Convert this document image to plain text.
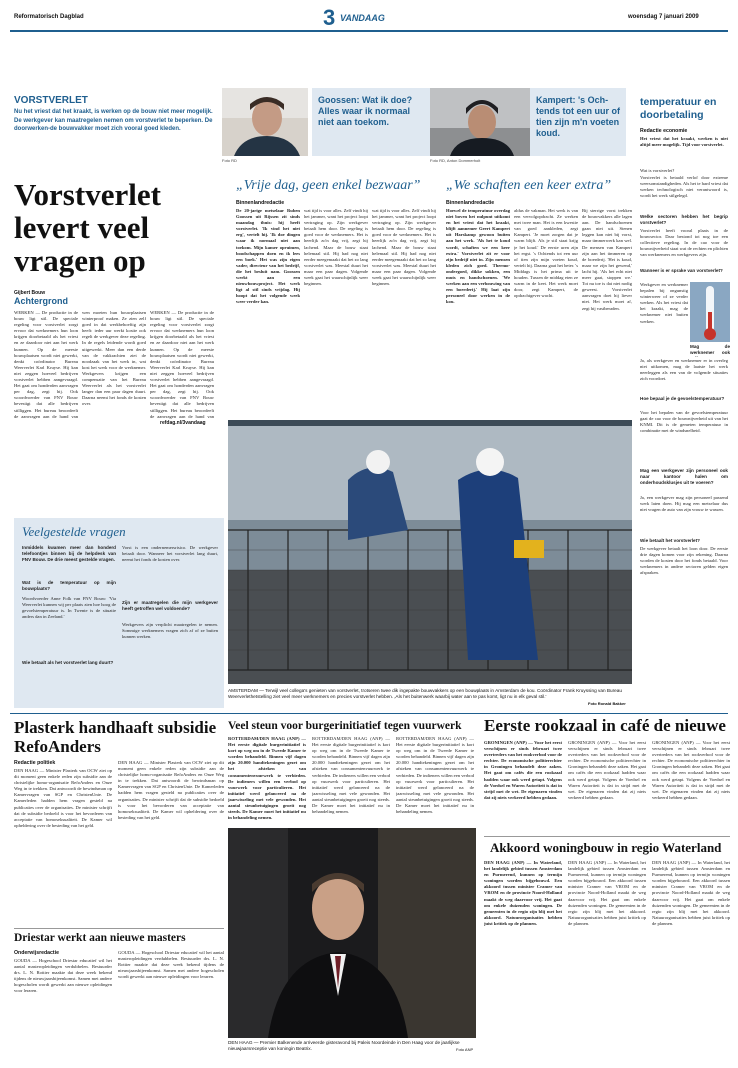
Reformatorisch Dagblad	3 VANDAAG	woensdag 7 januari 2009
VORSTVERLET
Nu het vriest dat het kraakt, is werken op de bouw niet meer mogelijk. De werkgever kan maatregelen nemen om vorstverlet te beperken. De doorwerken-de bouwvakker moet zich vooral goed kleden.
Goossen: Wat ik doe? Alles waar ik normaal niet aan toekom.
Kampert: 's Och-tends tot een uur of tien zijn m'n voeten koud.
Foto RD	Foto RD, Anton Dommerholt
Vorstverlet levert veel vragen op
Gijbert Bouw
Achtergrond
WERKEN — De productie in de bouw ligt stil. De speciale regeling voor vorstverlet zorgt ervoor dat werknemers hun loon krijgen doorbetaald als het vriest en ze daardoor niet aan het werk kunnen. Op de meeste bouwplaatsen wordt niet gewerkt, denkt coördinator Bureau Weerverlet Karl Kruyse. Hij kan niet zeggen hoeveel bedrijven vorstverlet hebben aangevraagd. Het gaat om honderden aanvragen per dag, zegt hij. Ook woordvoerder van FNV Bouw bevestigt dat alle bedrijven stilliggen. Het bureau beoordeelt de aanvragen aan de hand van
wen moeten hun bouwplaatsen winterproof maken. Ze zien zelf goed in dat werkbehoeftig zijn heeft: ieder uur werkt kostte ook regelt de werkgever deze regeling. In de regels leidende wordt goed uitgewerkt. Meer dan een derde van de vakkrachten ziet de noodzaak van het werk in, wat kost het werk voor de werknemer. Werkgevers krijgen een compensatie van het Bureau Weerverlet als het vorstverlet langer dan een paar dagen duurt. Daarna neemt het fonds de kosten over.
WERKEN — De productie in de bouw ligt stil. De speciale regeling voor vorstverlet zorgt ervoor dat werknemers hun loon krijgen doorbetaald als het vriest en ze daardoor niet aan het werk kunnen. Op de meeste bouwplaatsen wordt niet gewerkt, denkt coördinator Bureau Weerverlet Karl Kruyse. Hij kan niet zeggen hoeveel bedrijven vorstverlet hebben aangevraagd. Het gaat om honderden aanvragen per dag, zegt hij. Ook woordvoerder van FNV Bouw bevestigt dat alle bedrijven stilliggen. Het bureau beoordeelt de aanvragen aan de hand van
„Vrije dag, geen enkel bezwaar” „We schaften een keer extra”
Binnenlandredactie	Binnenlandredactie
De 20-jarige metselaar Ruben Goossen uit Rijssen zit sinds maandag thuis: hij heeft vorstverlet. 'Ik vind het niet erg', vertelt hij. 'Ik doe dingen waar ik normaal niet aan toekom. Mijn kamer opruimen, boodschappen doen en ik lees een boek.' Het was zijn eigen vader, directeur van het bedrijf, die het besluit nam. Goossen werkt aan een nieuwbouwproject. Het werk ligt al stil sinds vrijdag. Hij hoopt dat het volgende week weer verder kan.
wat tijd is voor alles. Zelf vindt hij het jammer, want het project loopt vertraging op. Zijn werkgever betaalt hem door. De regeling is goed voor de werknemers. Het is heerlijk zo'n dag vrij, zegt hij lachend. Maar de bouw staat helemaal stil. Hij had nog niet eerder meegemaakt dat het zo lang vorstverlet was. Meestal duurt het maar een paar dagen. Volgende week gaat het waarschijnlijk weer beginnen.
wat tijd is voor alles. Zelf vindt hij het jammer, want het project loopt vertraging op. Zijn werkgever betaalt hem door. De regeling is goed voor de werknemers. Het is heerlijk zo'n dag vrij, zegt hij lachend. Maar de bouw staat helemaal stil. Hij had nog niet eerder meegemaakt dat het zo lang vorstverlet was. Meestal duurt het maar een paar dagen. Volgende week gaat het waarschijnlijk weer beginnen.
Hoewel de temperatuur overdag niet boven het nulpunt uitkomt en het vriest dat het kraakt, blijft aannemer Geert Kampert uit Harskamp gewoon buiten aan het werk. 'Als het te koud wordt, schaften we een keer extra.' Vorstverlet zit er voor zijn bedrijf niet in. Zijn mensen kleden zich goed. Thermo-ondergoed, dikke sokken, een muts en handschoenen. 'We werken aan een verbouwing van een boerderij.' Hij laat zijn personeel door werken in de kou.
aldus de vakman. Het werk is van een vervolgopdracht. Ze werken met twee man. Het is een kwestie van goed aankleden, zegt Kampert. 'Je moet zorgen dat je warm blijft. Als je stil staat krijg je het koud.' De eerste uren zijn het ergst. 's Ochtends tot een uur of tien zijn mijn voeten koud, vertelt hij. Daarna gaat het beter. 's Middags is het prima uit te houden. Tussen de middag eten ze warm in de keet. Het werk moet door, zegt Kampert, de opdrachtgever wacht.
Bij sterrige vorst trekken de bouwvakkers alle lagen aan. De handschoenen gaan niet uit. Stenen leggen kan niet bij vorst, maar timmerwerk kan wel. De mensen van Kampert zijn aan het timmeren op de boerderij. 'Het is koud, maar we zijn het gewend,' lacht hij. 'Als het echt niet meer gaat, stoppen we.' Tot nu toe is dat niet nodig geweest. Vorstverlet aanvragen doet hij liever niet. Het werk moet af, zegt hij vastberaden.
Veelgestelde vragen
Inmiddels kwamen meer dan honderd telefoontjes binnen bij de helpdesk van FNV Bouw. De drie meest gestelde vragen.
Wat is de temperatuur op mijn bouwplaats?
Woordvoerder Anne Folk van FNV Bouw: 'Via Weerverlet kunnen wij per plaats zien hoe hoog de gevoelstemperatuur is. In Twente is de situatie anders dan in Zeeland.'
Wie betaalt als het vorstverlet lang duurt?
Vorst is een ondernemersrisico. De werkgever betaalt door. Wanneer het vorstverlet lang duurt, neemt het fonds de kosten over.
Zijn er maatregelen die mijn werkgever heeft getroffen wel voldoende?
Werkgevers zijn verplicht maatregelen te nemen. Sommige werknemers vragen zich af of ze buiten kunnen werken.
AMSTERDAM — Terwijl veel collega's genieten van vorstverlet, trotseren twee dik ingepakte bouwvakkers op een bouwplaats in Amsterdam de kou. Coördinator Frank Kruyssing van Bureau Weerverlethetstelling ziet veel meer werknemers en precies vorstverlet hebben. ‚Als het buitenwerk waarbij water aan te pas komt, ligt nu in elk geval stil.'
Foto Ronald Bakker
temperatuur en doorbetaling
Redactie economie
Het vriest dat het kraakt, werken is niet altijd meer mogelijk. Tijd voor vorstverlet.
Wat is vorstverlet?
Vorstverlet is betaald verlof door extreme weersomstandigheden. Als het te hard vriest dat werken technologisch niet verantwoord is, wordt het werk stilgelegd.
Welke sectoren hebben het begrip vorstverlet?
Vorstverlet heeft vooral plaats in de bouwsector. Daar bestond tot nog toe een collectieve regeling. In de cao voor de bouwnijverheid staat wat de rechten en plichten van werknemers en werkgevers zijn.
Wanneer is er sprake van vorstverlet?
Werkgever en werknemer bepalen bij ongunstig winterweer of ze verder werken. Als het vriest dat het kraakt, mag de werknemer niet buiten werken.
Mag de werknemer ook
Ja, als werkgever en werknemer er in overleg niet uitkomen, mag de laatste het werk neerleggen als een van de volgende situaties zich voordoet.
Hoe bepaal je de gevoelstemperatuur?
Voor het bepalen van de gevoelstemperatuur gaat de cao voor de bouwnijverheid uit van het KNMI. Dit is de gemeten temperatuur in combinatie met de windsnelheid.
Mag een werkgever zijn personeel ook naar kantoor halen om onderhoudsklusjes uit te voeren?
Ja, een werkgever mag zijn personeel passend werk laten doen. Hij mag een metselaar dus niet vragen de auto van zijn vrouw te wassen.
Wie betaalt het vorstverlet?
De werkgever betaalt het loon door. De eerste drie dagen komen voor zijn rekening. Daarna worden de kosten door het fonds betaald. Voor werknemers in andere sectoren gelden eigen afspraken.
refdag.nl/3vandaag
Plasterk handhaaft subsidie RefoAnders
Redactie politiek
DEN HAAG — Minister Plasterk van OCW ziet op dit moment geen enkele reden zijn subsidie aan de christelijke homo-organisatie RefoAnders en Onze Weg in te trekken. Dat antwoordt de bewindsman op Kamervragen van SGP en ChristenUnie. De Kamerleden hadden hem vragen gesteld na publicaties over de organisaties. De minister schrijft dat de subsidie bedoeld is voor het bevorderen van acceptatie van homoseksualiteit. De Kamer wil opheldering over de besteding van het geld.
DEN HAAG — Minister Plasterk van OCW ziet op dit moment geen enkele reden zijn subsidie aan de christelijke homo-organisatie RefoAnders en Onze Weg in te trekken. Dat antwoordt de bewindsman op Kamervragen van SGP en ChristenUnie. De Kamerleden hadden hem vragen gesteld na publicaties over de organisaties. De minister schrijft dat de subsidie bedoeld is voor het bevorderen van acceptatie van homoseksualiteit. De Kamer wil opheldering over de besteding van het geld.
Driestar werkt aan nieuwe masters
Onderwijsredactie
GOUDA — Hogeschool Driestar educatief wil het aantal masteropleidingen verdubbelen. Bestuurder drs. L. N. Rottier maakte dat deze week bekend tijdens de nieuwjaarsbijeenkomst. Samen met andere hogescholen wordt gewerkt aan nieuwe opleidingen voor leraren.
GOUDA — Hogeschool Driestar educatief wil het aantal masteropleidingen verdubbelen. Bestuurder drs. L. N. Rottier maakte dat deze week bekend tijdens de nieuwjaarsbijeenkomst. Samen met andere hogescholen wordt gewerkt aan nieuwe opleidingen voor leraren.
Veel steun voor burgerinitiatief tegen vuurwerk
ROTTERDAM/DEN HAAG (ANP) — Het eerste digitale burgerinitiatief is kort op weg om in de Tweede Kamer te worden behandeld. Binnen vijf dagen zijn 20.000 handtekeningen gezet om het afsteken van consumentenvuurwerk te verbieden. De indieners willen een verbod op vuurwerk voor particulieren. Het initiatief werd gelanceerd na de jaarwisseling met vele gewonden. Het aantal steunbetuigingen groeit nog steeds. De Kamer moet het initiatief nu in behandeling nemen.
ROTTERDAM/DEN HAAG (ANP) — Het eerste digitale burgerinitiatief is kort op weg om in de Tweede Kamer te worden behandeld. Binnen vijf dagen zijn 20.000 handtekeningen gezet om het afsteken van consumentenvuurwerk te verbieden. De indieners willen een verbod op vuurwerk voor particulieren. Het initiatief werd gelanceerd na de jaarwisseling met vele gewonden. Het aantal steunbetuigingen groeit nog steeds. De Kamer moet het initiatief nu in behandeling nemen.
ROTTERDAM/DEN HAAG (ANP) — Het eerste digitale burgerinitiatief is kort op weg om in de Tweede Kamer te worden behandeld. Binnen vijf dagen zijn 20.000 handtekeningen gezet om het afsteken van consumentenvuurwerk te verbieden. De indieners willen een verbod op vuurwerk voor particulieren. Het initiatief werd gelanceerd na de jaarwisseling met vele gewonden. Het aantal steunbetuigingen groeit nog steeds. De Kamer moet het initiatief nu in behandeling nemen.
DEN HAAG — Premier Balkenende arriveerde gisteravond bij Paleis Noordeinde in Den Haag voor de jaarlijkse nieuwjaarsreceptie van koningin Beatrix.	Foto ANP
Eerste rookzaal in café de nieuwe
GRONINGEN (ANP) — Voor het eerst verschijnen er sinds februari twee overtreders van het rookverbod voor de rechter. De economische politierechter in Groningen behandelt deze zaken. Het gaat om cafés die een rookzaal hadden waar ook werd getapt. Volgens de Voedsel en Waren Autoriteit is dat in strijd met de wet. De eigenaren vinden dat zij niets verkeerd hebben gedaan.
GRONINGEN (ANP) — Voor het eerst verschijnen er sinds februari twee overtreders van het rookverbod voor de rechter. De economische politierechter in Groningen behandelt deze zaken. Het gaat om cafés die een rookzaal hadden waar ook werd getapt. Volgens de Voedsel en Waren Autoriteit is dat in strijd met de wet. De eigenaren vinden dat zij niets verkeerd hebben gedaan.
GRONINGEN (ANP) — Voor het eerst verschijnen er sinds februari twee overtreders van het rookverbod voor de rechter. De economische politierechter in Groningen behandelt deze zaken. Het gaat om cafés die een rookzaal hadden waar ook werd getapt. Volgens de Voedsel en Waren Autoriteit is dat in strijd met de wet. De eigenaren vinden dat zij niets verkeerd hebben gedaan.
Akkoord woningbouw in regio Waterland
DEN HAAG (ANP) — In Waterland, het landelijk gebied tussen Amsterdam en Purmerend, kunnen op termijn woningen worden bijgebouwd. Een akkoord tussen minister Cramer van VROM en de provincie Noord-Holland maakt de weg daarvoor vrij. Het gaat om enkele duizenden woningen. De gemeenten in de regio zijn blij met het akkoord. Natuurorganisaties hebben juist kritiek op de plannen.
DEN HAAG (ANP) — In Waterland, het landelijk gebied tussen Amsterdam en Purmerend, kunnen op termijn woningen worden bijgebouwd. Een akkoord tussen minister Cramer van VROM en de provincie Noord-Holland maakt de weg daarvoor vrij. Het gaat om enkele duizenden woningen. De gemeenten in de regio zijn blij met het akkoord. Natuurorganisaties hebben juist kritiek op de plannen.
DEN HAAG (ANP) — In Waterland, het landelijk gebied tussen Amsterdam en Purmerend, kunnen op termijn woningen worden bijgebouwd. Een akkoord tussen minister Cramer van VROM en de provincie Noord-Holland maakt de weg daarvoor vrij. Het gaat om enkele duizenden woningen. De gemeenten in de regio zijn blij met het akkoord. Natuurorganisaties hebben juist kritiek op de plannen.
